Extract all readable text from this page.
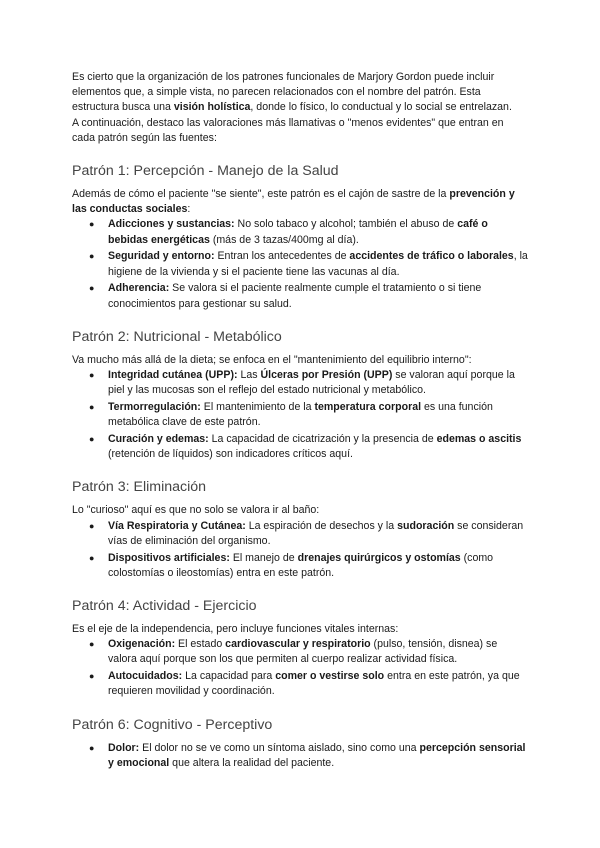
Es cierto que la organización de los patrones funcionales de Marjory Gordon puede incluir elementos que, a simple vista, no parecen relacionados con el nombre del patrón. Esta estructura busca una visión holística, donde lo físico, lo conductual y lo social se entrelazan.

A continuación, destaco las valoraciones más llamativas o "menos evidentes" que entran en cada patrón según las fuentes:

Patrón 1: Percepción - Manejo de la Salud

Además de cómo el paciente "se siente", este patrón es el cajón de sastre de la prevención y las conductas sociales:

● Adicciones y sustancias: No solo tabaco y alcohol; también el abuso de café o bebidas energéticas (más de 3 tazas/400mg al día).
● Seguridad y entorno: Entran los antecedentes de accidentes de tráfico o laborales, la higiene de la vivienda y si el paciente tiene las vacunas al día.
● Adherencia: Se valora si el paciente realmente cumple el tratamiento o si tiene conocimientos para gestionar su salud.
Patrón 2: Nutricional - Metabólico

Va mucho más allá de la dieta; se enfoca en el "mantenimiento del equilibrio interno":

● Integridad cutánea (UPP): Las Úlceras por Presión (UPP) se valoran aquí porque la piel y las mucosas son el reflejo del estado nutricional y metabólico.
● Termorregulación: El mantenimiento de la temperatura corporal es una función metabólica clave de este patrón.
● Curación y edemas: La capacidad de cicatrización y la presencia de edemas o ascitis (retención de líquidos) son indicadores críticos aquí.
Patrón 3: Eliminación

Lo "curioso" aquí es que no solo se valora ir al baño:

● Vía Respiratoria y Cutánea: La espiración de desechos y la sudoración se consideran vías de eliminación del organismo.
● Dispositivos artificiales: El manejo de drenajes quirúrgicos y ostomías (como colostomías o ileostomías) entra en este patrón.
Patrón 4: Actividad - Ejercicio

Es el eje de la independencia, pero incluye funciones vitales internas:

● Oxigenación: El estado cardiovascular y respiratorio (pulso, tensión, disnea) se valora aquí porque son los que permiten al cuerpo realizar actividad física.
● Autocuidados: La capacidad para comer o vestirse solo entra en este patrón, ya que requieren movilidad y coordinación.
Patrón 6: Cognitivo - Perceptivo
● Dolor: El dolor no se ve como un síntoma aislado, sino como una percepción sensorial y emocional que altera la realidad del paciente.
